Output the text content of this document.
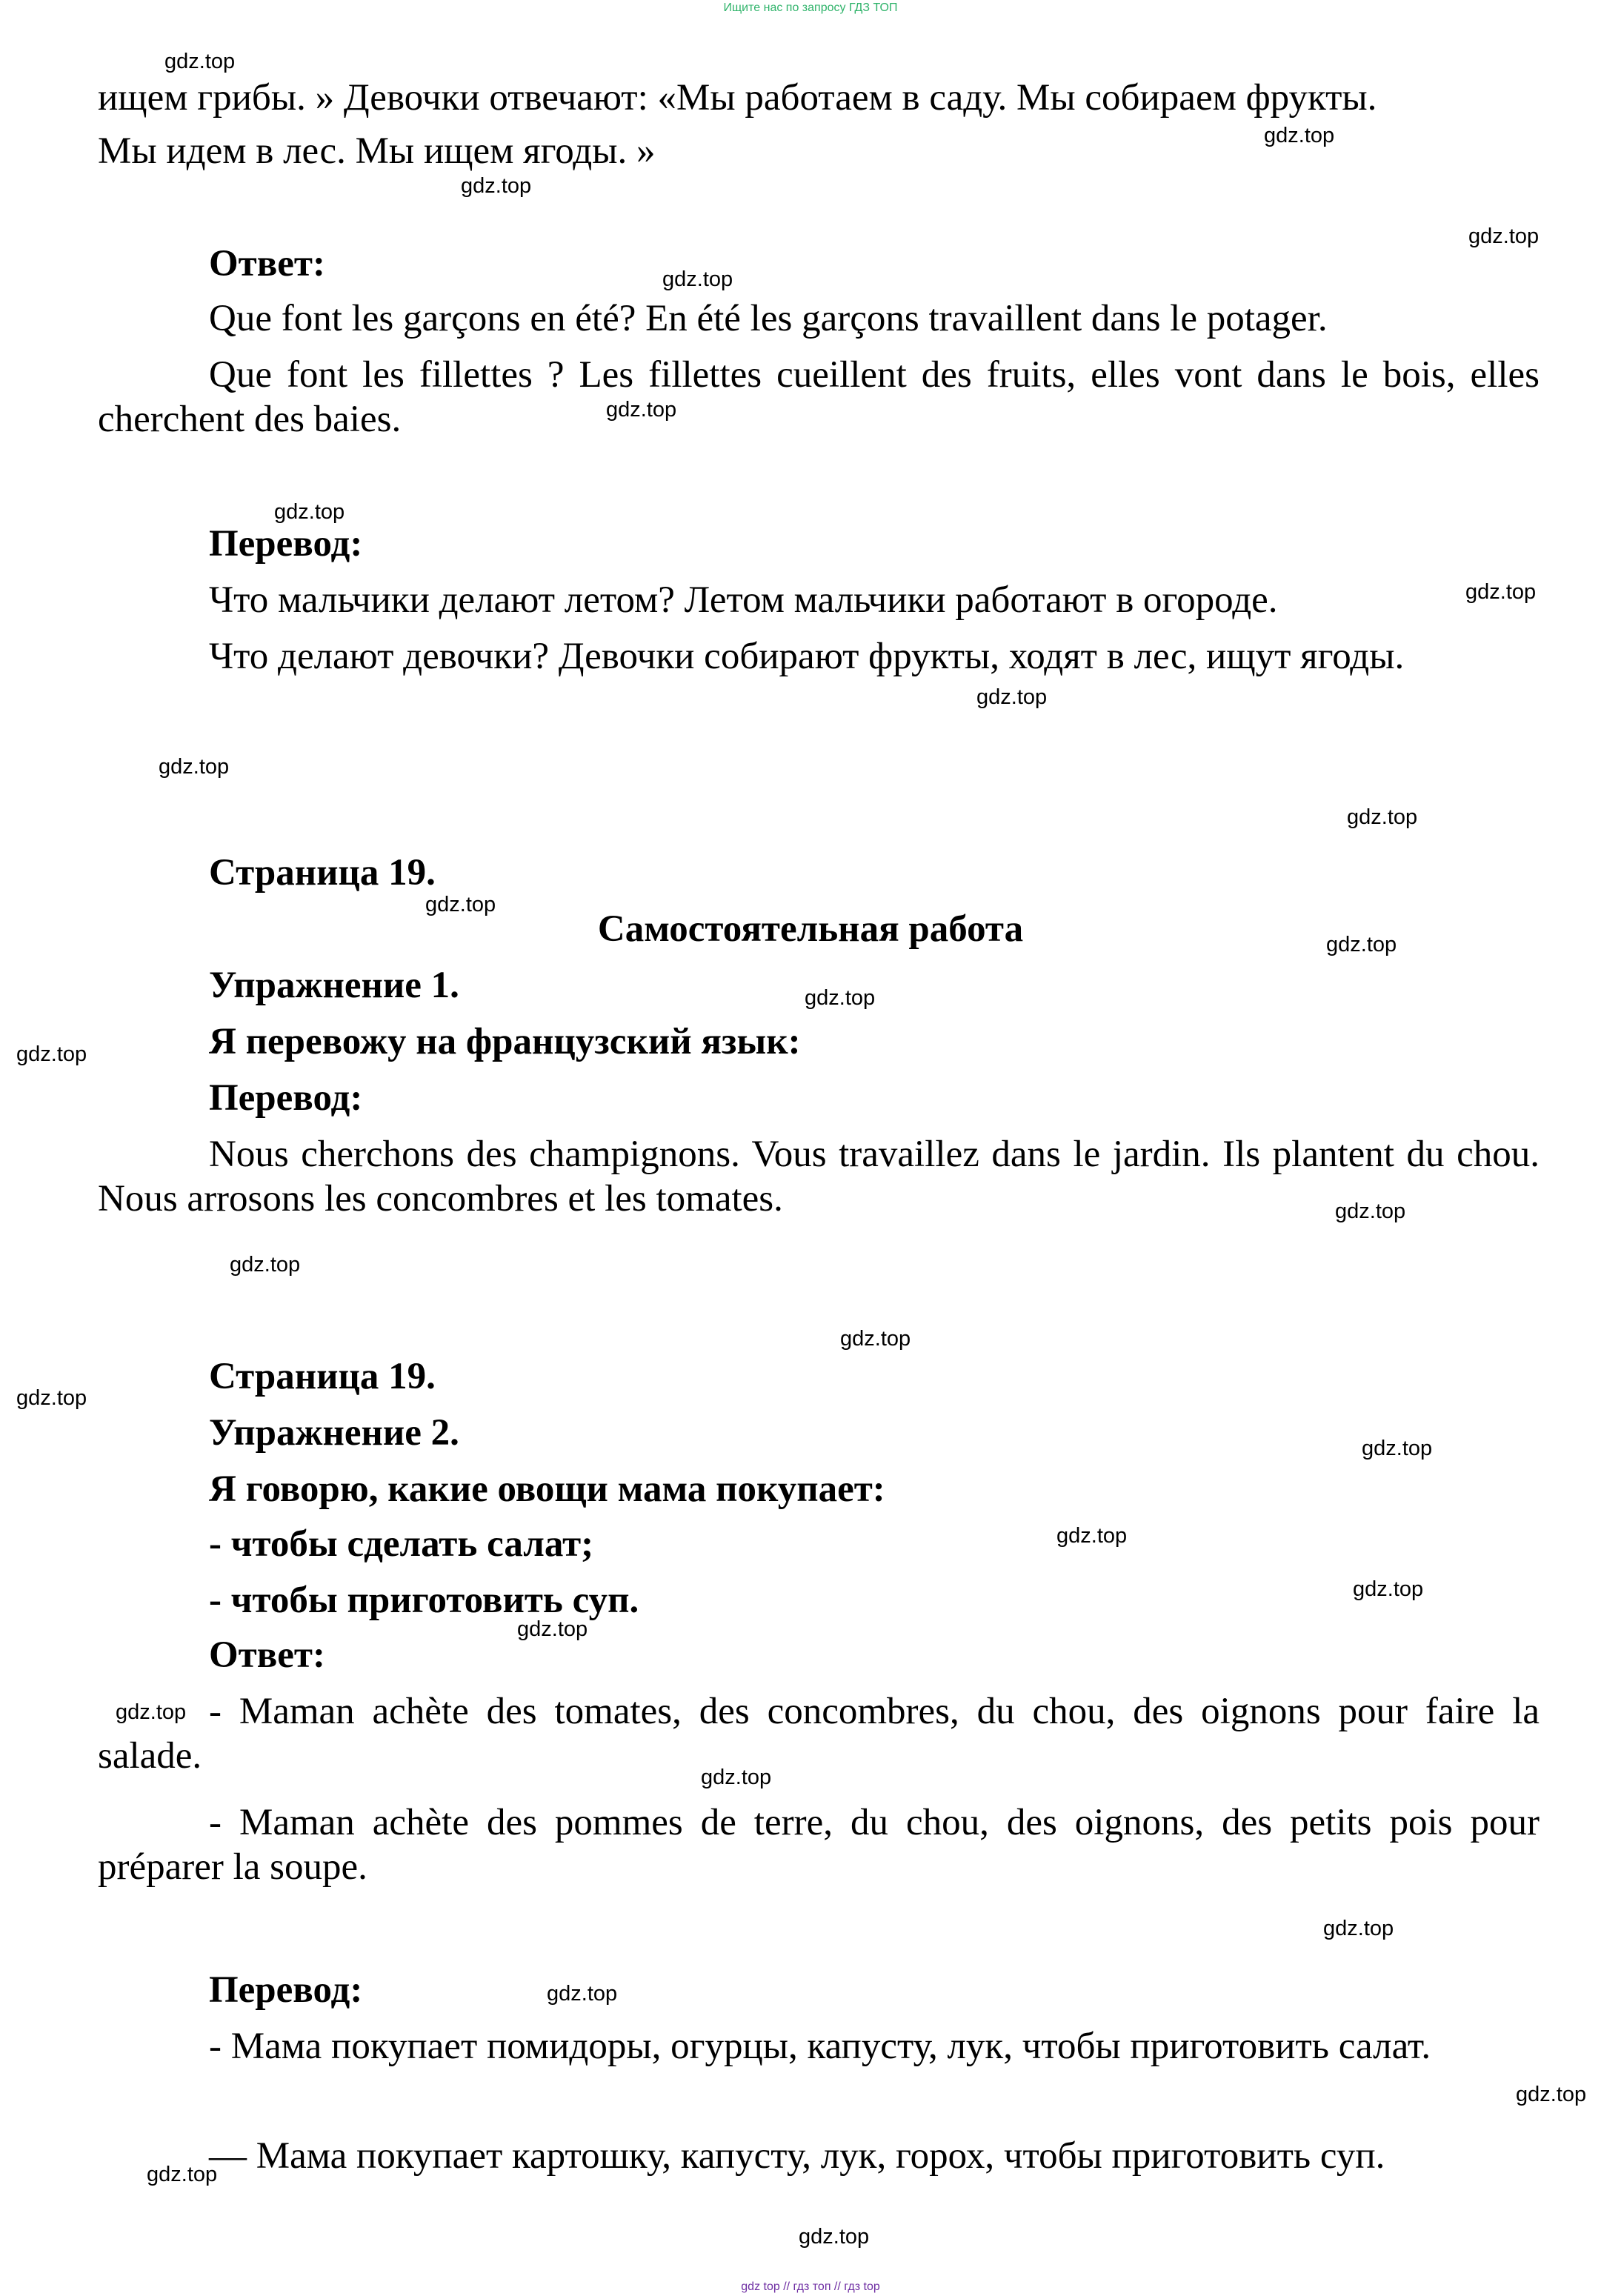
Ищите нас по запросу ГДЗ ТОП

ищем грибы. » Девочки отвечают: «Мы работаем в саду. Мы собираем фрукты.

Мы идем в лес. Мы ищем ягоды. »

Ответ:

Que font les garçons en été? En été les garçons travaillent dans le potager.

Que font les fillettes ? Les fillettes cueillent des fruits, elles vont dans le bois, elles cherchent des baies.

Перевод:

Что мальчики делают летом? Летом мальчики работают в огороде.

Что делают девочки? Девочки собирают фрукты, ходят в лес, ищут ягоды.

Страница 19.

Самостоятельная работа

Упражнение 1.

Я перевожу на французский язык:

Перевод:

Nous cherchons des champignons. Vous travaillez dans le jardin. Ils plantent du chou. Nous arrosons les concombres et les tomates.

Страница 19.

Упражнение 2.

Я говорю, какие овощи мама покупает:

- чтобы сделать салат;

- чтобы приготовить суп.

Ответ:

- Maman achète des tomates, des concombres, du chou, des oignons pour faire la salade.

- Maman achète des pommes de terre, du chou, des oignons, des petits pois pour préparer la soupe.

Перевод:

- Мама покупает помидоры, огурцы, капусту, лук, чтобы приготовить салат.

— Мама покупает картошку, капусту, лук, горох, чтобы приготовить суп.

gdz.top
gdz.top
gdz.top
gdz.top
gdz.top
gdz.top
gdz.top
gdz.top
gdz.top
gdz.top
gdz.top
gdz.top
gdz.top
gdz.top
gdz.top
gdz.top
gdz.top
gdz.top
gdz.top
gdz.top
gdz.top
gdz.top
gdz.top
gdz.top
gdz.top
gdz.top
gdz.top
gdz.top
gdz.top
gdz.top
gdz top // гдз топ // гдз top
